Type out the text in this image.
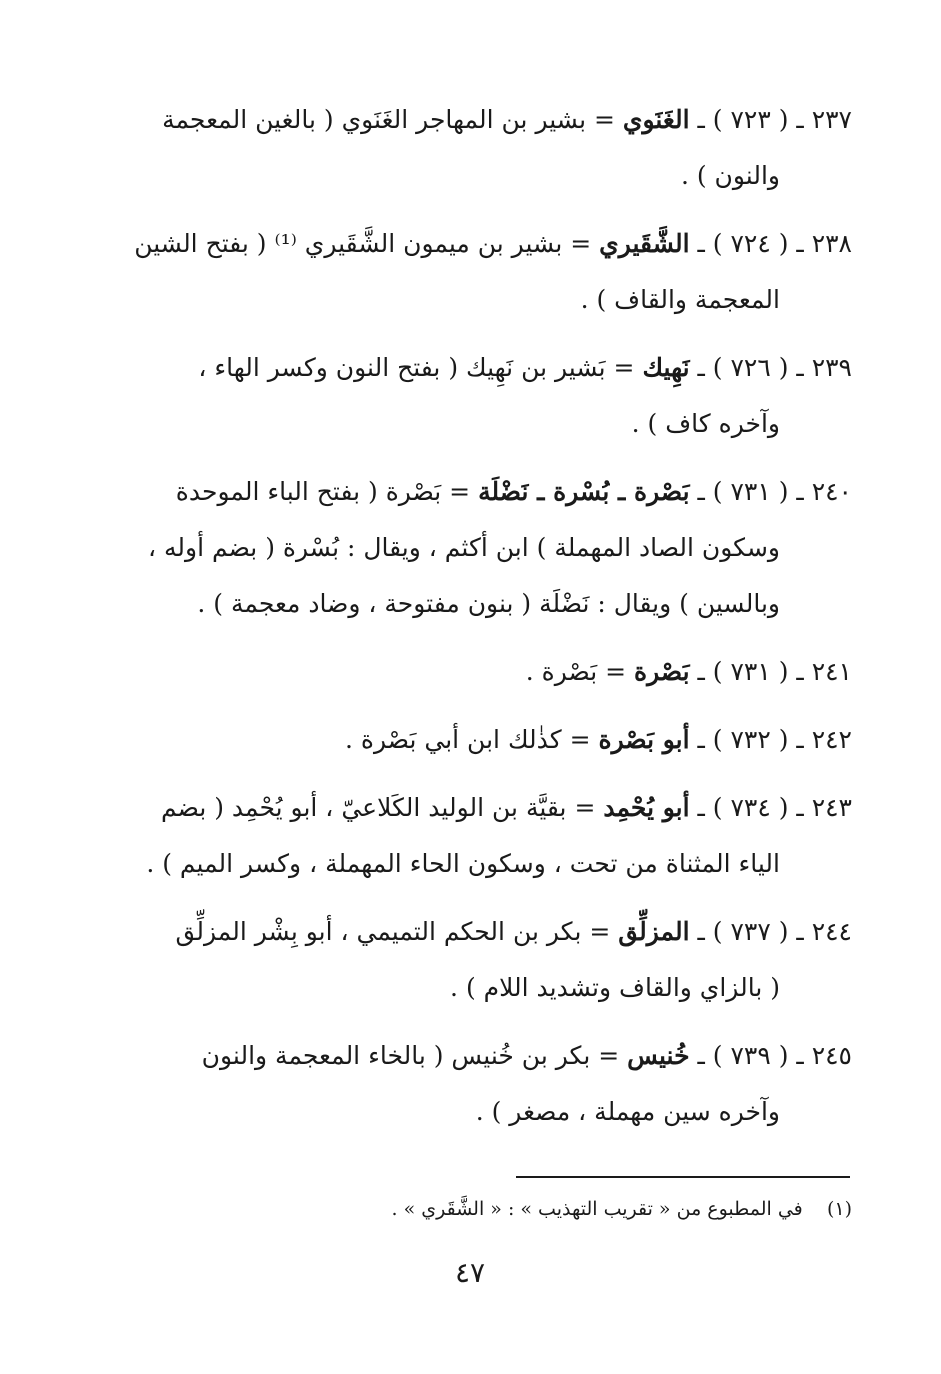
٢٣٧ ـ ( ٧٢٣ ) ـ الغَنَوي = بشير بن المهاجر الغَنَوي ( بالغين المعجمة
والنون ) .

٢٣٨ ـ ( ٧٢٤ ) ـ الشَّقَيري = بشير بن ميمون الشَّقَيري ⁽¹⁾ ( بفتح الشين
المعجمة والقاف ) .

٢٣٩ ـ ( ٧٢٦ ) ـ نَهِيك = بَشير بن نَهِيك ( بفتح النون وكسر الهاء ،
وآخره كاف ) .

٢٤٠ ـ ( ٧٣١ ) ـ بَصْرة ـ بُسْرة ـ نَضْلَة = بَصْرة ( بفتح الباء الموحدة
وسكون الصاد المهملة ) ابن أكثم ، ويقال : بُسْرة ( بضم أوله ،
وبالسين ) ويقال : نَضْلَة ( بنون مفتوحة ، وضاد معجمة ) .

٢٤١ ـ ( ٧٣١ ) ـ بَصْرة = بَصْرة .

٢٤٢ ـ ( ٧٣٢ ) ـ أبو بَصْرة = كذٰلك ابن أبي بَصْرة .

٢٤٣ ـ ( ٧٣٤ ) ـ أبو يُحْمِد = بقيَّة بن الوليد الكَلاعيّ ، أبو يُحْمِد ( بضم
الياء المثناة من تحت ، وسكون الحاء المهملة ، وكسر الميم ) .

٢٤٤ ـ ( ٧٣٧ ) ـ المزلِّق = بكر بن الحكم التميمي ، أبو بِشْر المزلِّق
( بالزاي والقاف وتشديد اللام ) .

٢٤٥ ـ ( ٧٣٩ ) ـ خُنيس = بكر بن خُنيس ( بالخاء المعجمة والنون
وآخره سين مهملة ، مصغر ) .

(١)    في المطبوع من « تقريب التهذيب » : « الشَّقَري » .
٤٧
